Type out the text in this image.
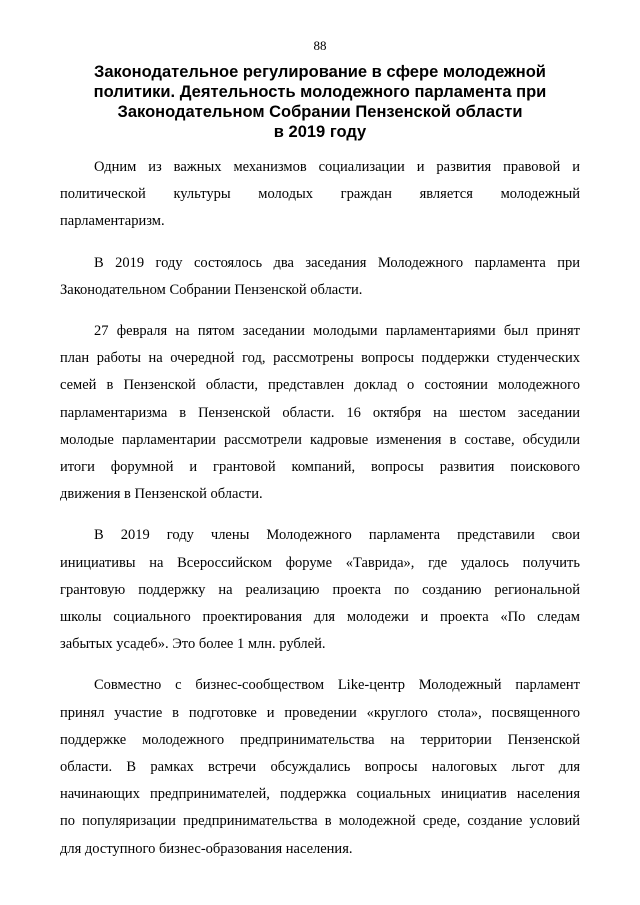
88
Законодательное регулирование в сфере молодежной
политики. Деятельность молодежного парламента при
Законодательном Собрании Пензенской области
в 2019 году

Одним из важных механизмов социализации и развития правовой и
политической культуры молодых граждан является молодежный
парламентаризм.

В 2019 году состоялось два заседания Молодежного парламента при
Законодательном Собрании Пензенской области.

27 февраля на пятом заседании молодыми парламентариями был принят
план работы на очередной год, рассмотрены вопросы поддержки студенческих
семей в Пензенской области, представлен доклад о состоянии молодежного
парламентаризма в Пензенской области. 16 октября на шестом заседании
молодые парламентарии рассмотрели кадровые изменения в составе, обсудили
итоги форумной и грантовой компаний, вопросы развития поискового
движения в Пензенской области.

В 2019 году члены Молодежного парламента представили свои
инициативы на Всероссийском форуме «Таврида», где удалось получить
грантовую поддержку на реализацию проекта по созданию региональной
школы социального проектирования для молодежи и проекта «По следам
забытых усадеб». Это более 1 млн. рублей.

Совместно с бизнес-сообществом Like-центр Молодежный парламент
принял участие в подготовке и проведении «круглого стола», посвященного
поддержке молодежного предпринимательства на территории Пензенской
области. В рамках встречи обсуждались вопросы налоговых льгот для
начинающих предпринимателей, поддержка социальных инициатив населения
по популяризации предпринимательства в молодежной среде, создание условий
для доступного бизнес-образования населения.
